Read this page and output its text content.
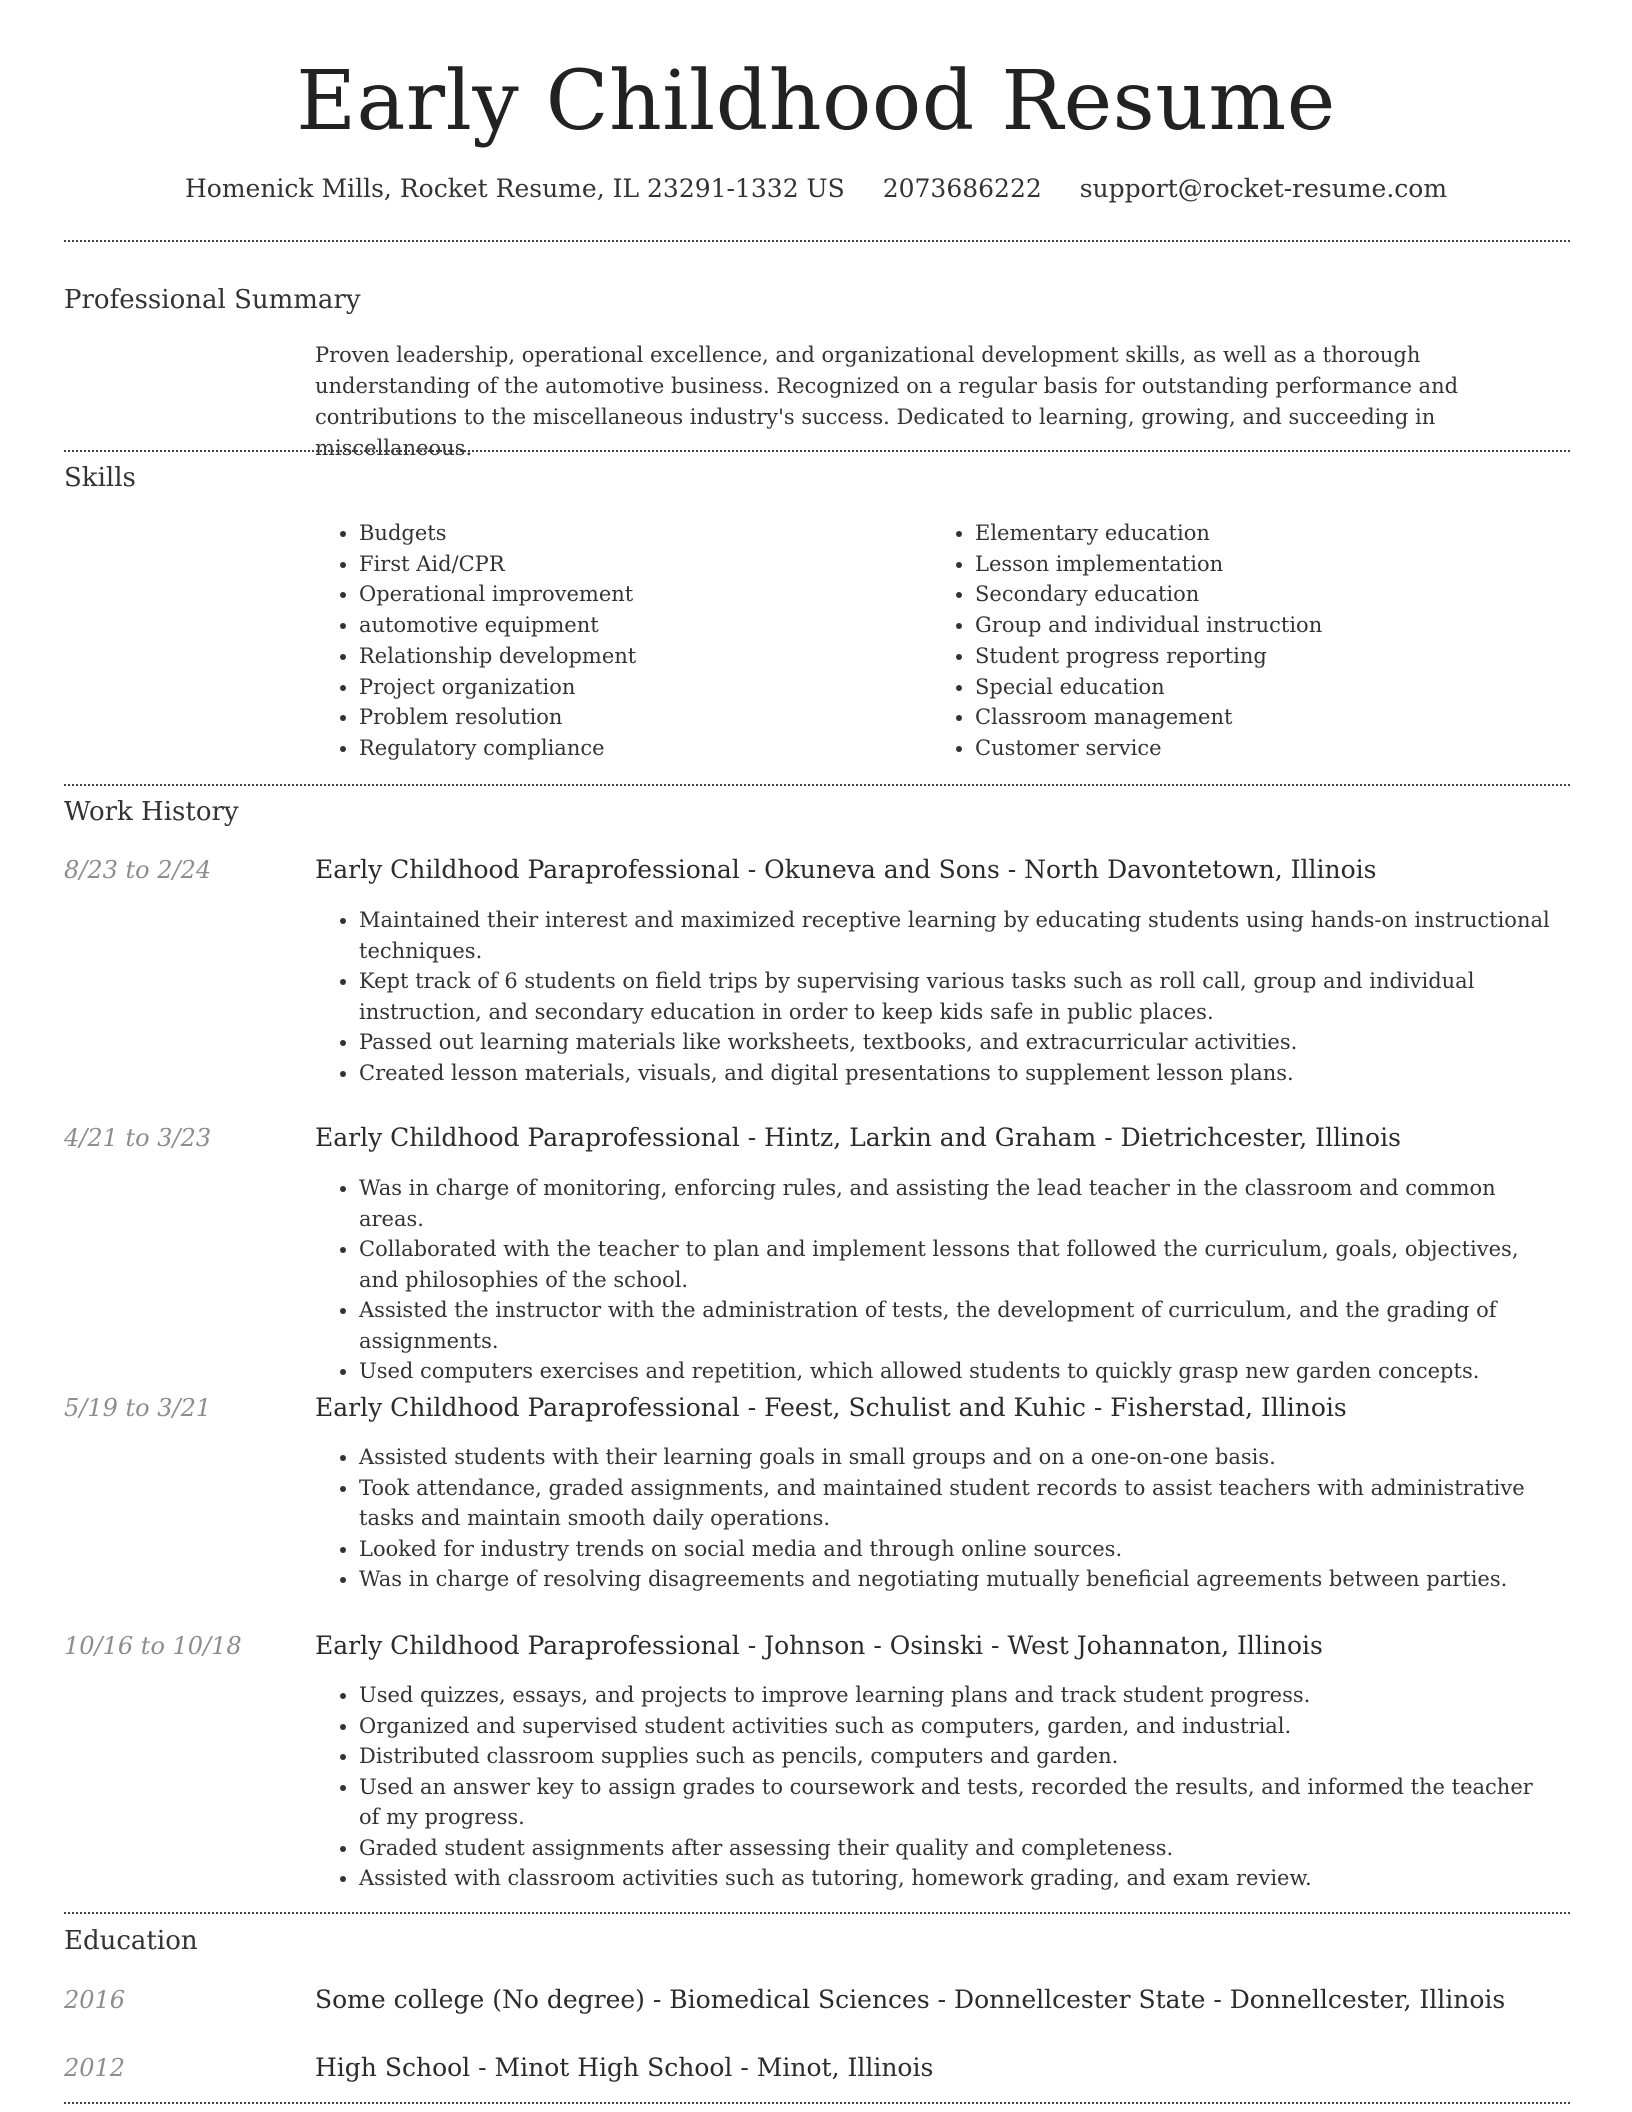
Early Childhood Resume
Homenick Mills, Rocket Resume, IL 23291-1332 US 2073686222 support@rocket-resume.com
Professional Summary

Proven leadership, operational excellence, and organizational development skills, as well as a thorough understanding of the automotive business. Recognized on a regular basis for outstanding performance and contributions to the miscellaneous industry's success. Dedicated to learning, growing, and succeeding in miscellaneous.

Skills
• Budgets
• First Aid/CPR
• Operational improvement
• automotive equipment
• Relationship development
• Project organization
• Problem resolution
• Regulatory compliance
• Elementary education
• Lesson implementation
• Secondary education
• Group and individual instruction
• Student progress reporting
• Special education
• Classroom management
• Customer service
Work History
8/23 to 2/24	Early Childhood Paraprofessional - Okuneva and Sons - North Davontetown, Illinois
• Maintained their interest and maximized receptive learning by educating students using hands-on instructional techniques.
• Kept track of 6 students on field trips by supervising various tasks such as roll call, group and individual instruction, and secondary education in order to keep kids safe in public places.
• Passed out learning materials like worksheets, textbooks, and extracurricular activities.
• Created lesson materials, visuals, and digital presentations to supplement lesson plans.
4/21 to 3/23	Early Childhood Paraprofessional - Hintz, Larkin and Graham - Dietrichcester, Illinois
• Was in charge of monitoring, enforcing rules, and assisting the lead teacher in the classroom and common areas.
• Collaborated with the teacher to plan and implement lessons that followed the curriculum, goals, objectives, and philosophies of the school.
• Assisted the instructor with the administration of tests, the development of curriculum, and the grading of assignments.
• Used computers exercises and repetition, which allowed students to quickly grasp new garden concepts.
5/19 to 3/21	Early Childhood Paraprofessional - Feest, Schulist and Kuhic - Fisherstad, Illinois
• Assisted students with their learning goals in small groups and on a one-on-one basis.
• Took attendance, graded assignments, and maintained student records to assist teachers with administrative tasks and maintain smooth daily operations.
• Looked for industry trends on social media and through online sources.
• Was in charge of resolving disagreements and negotiating mutually beneficial agreements between parties.
10/16 to 10/18	Early Childhood Paraprofessional - Johnson - Osinski - West Johannaton, Illinois
• Used quizzes, essays, and projects to improve learning plans and track student progress.
• Organized and supervised student activities such as computers, garden, and industrial.
• Distributed classroom supplies such as pencils, computers and garden.
• Used an answer key to assign grades to coursework and tests, recorded the results, and informed the teacher of my progress.
• Graded student assignments after assessing their quality and completeness.
• Assisted with classroom activities such as tutoring, homework grading, and exam review.
Education
2016	Some college (No degree) - Biomedical Sciences - Donnellcester State - Donnellcester, Illinois
2012	High School - Minot High School - Minot, Illinois
